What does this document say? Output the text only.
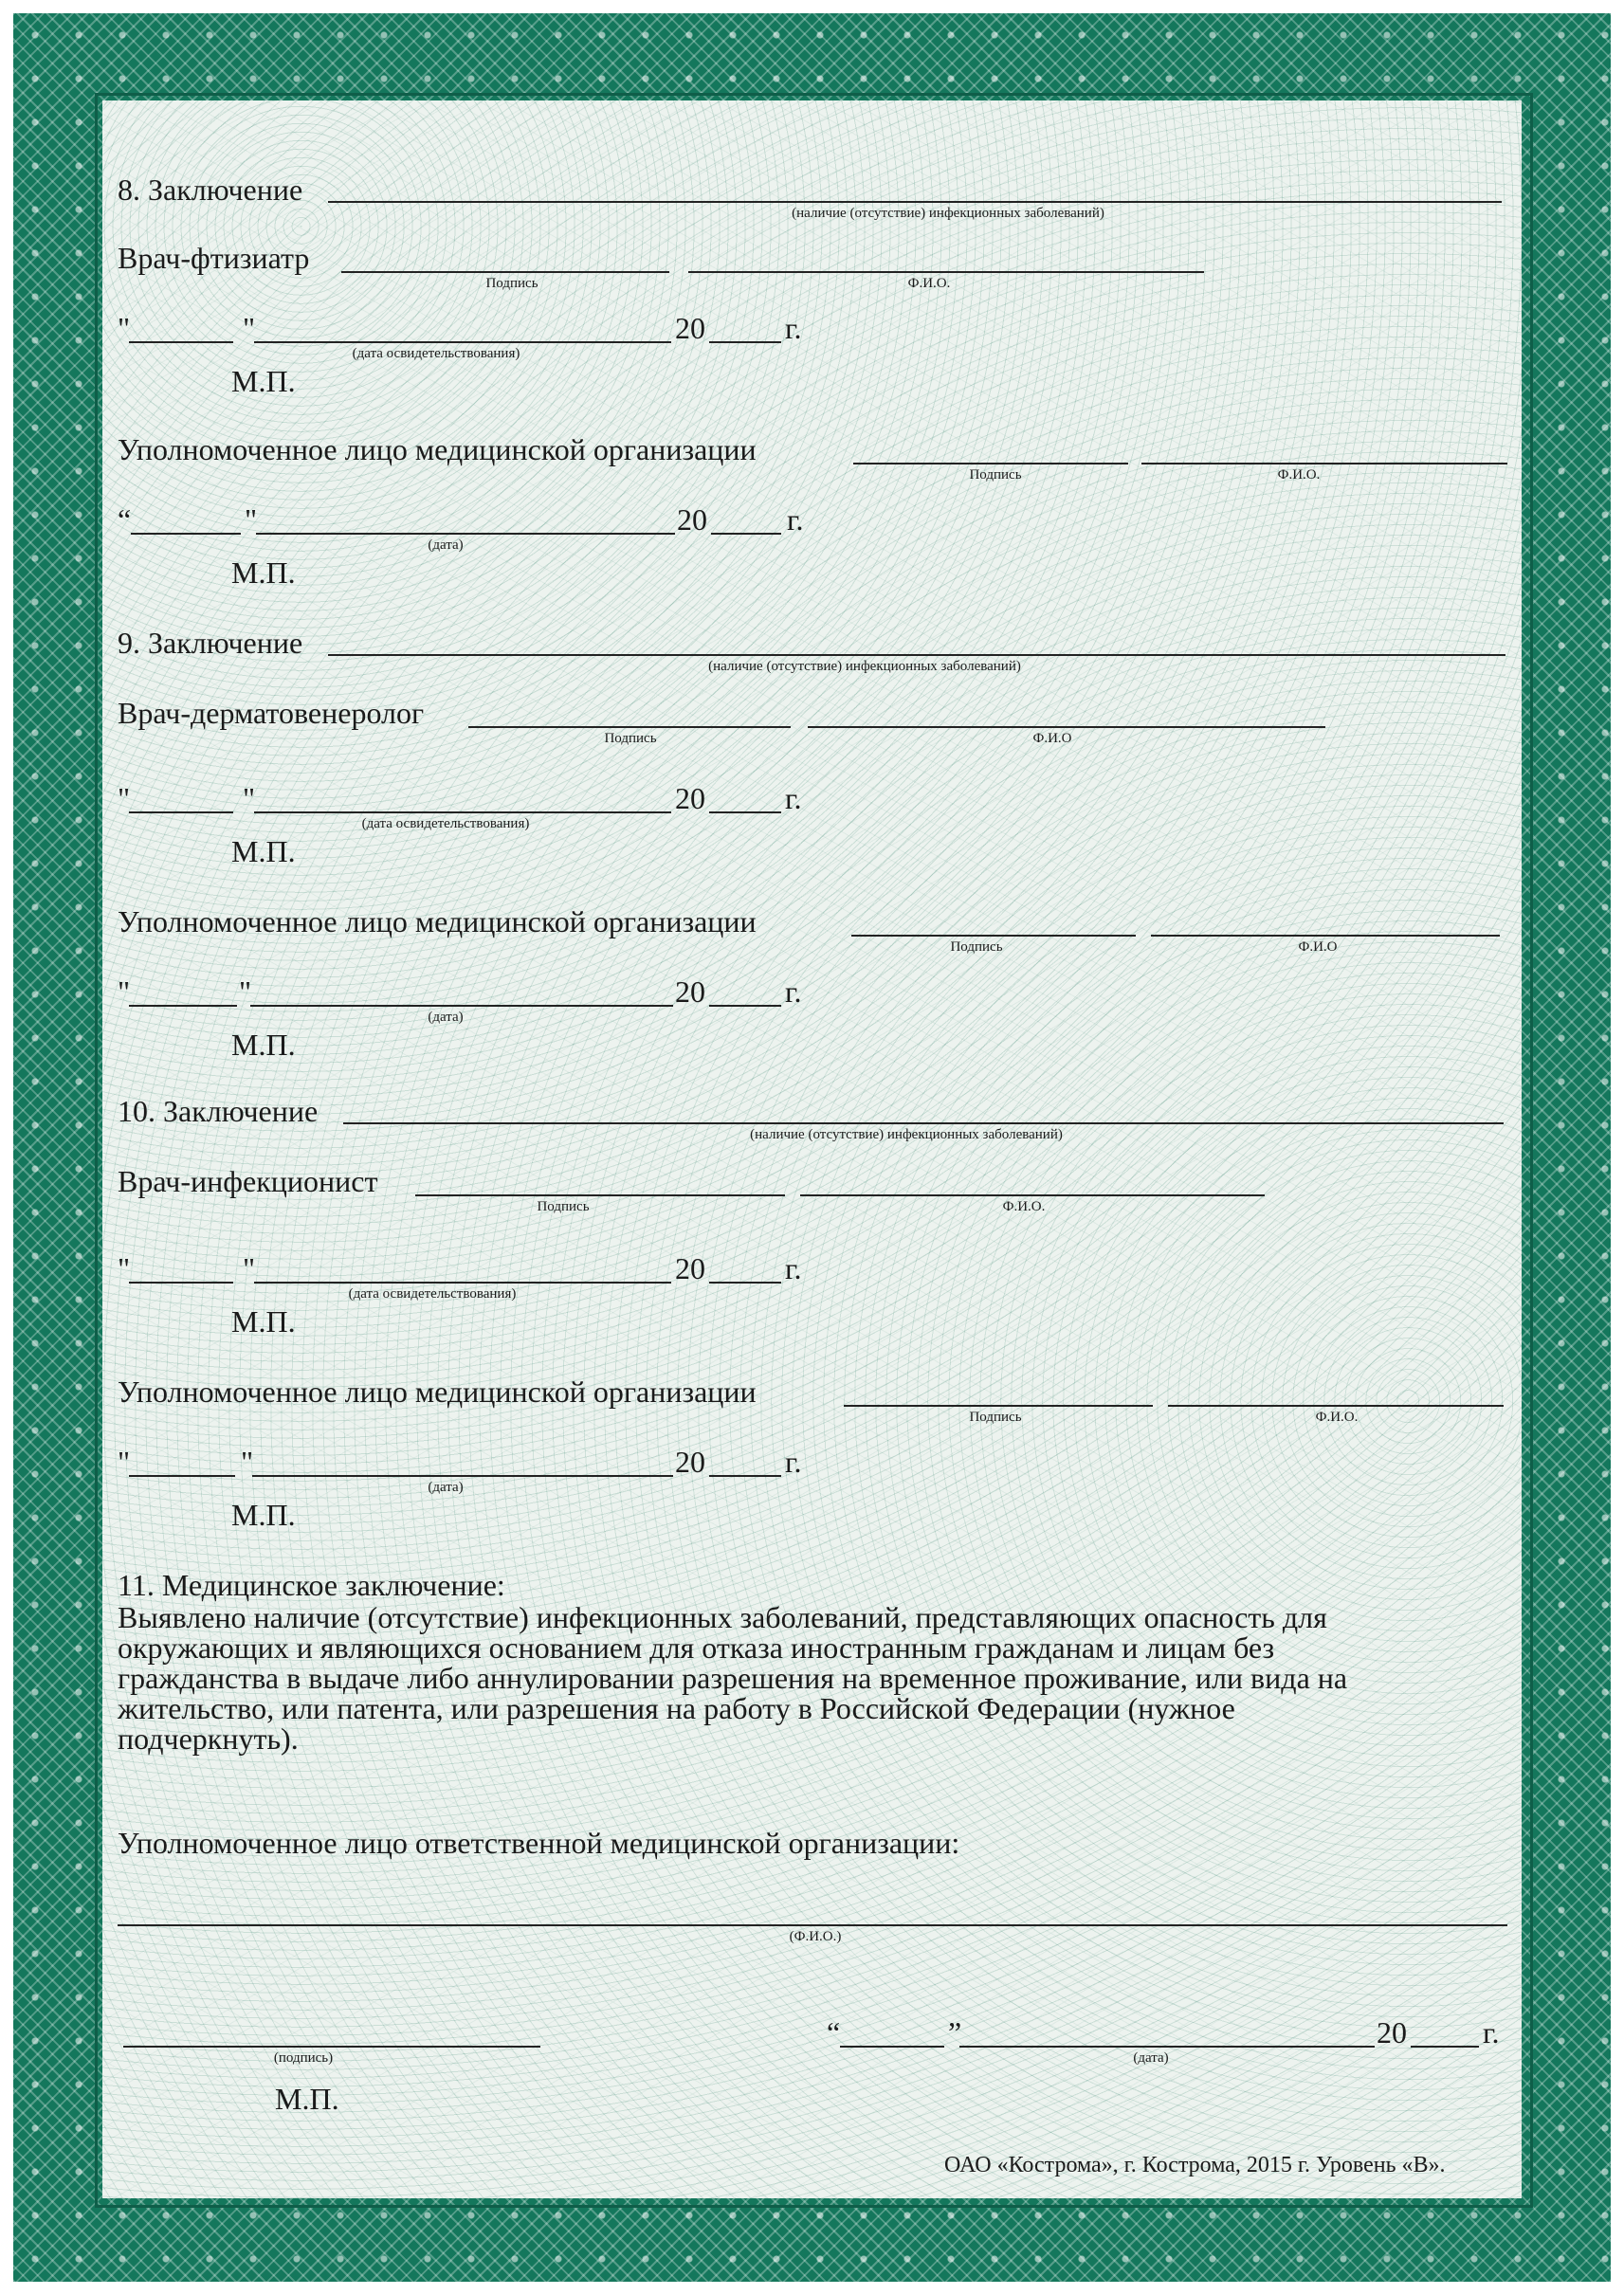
8. Заключение
(наличие (отсутствие) инфекционных заболеваний)
Врач-фтизиатр
Подпись	Ф.И.О.
"	"
(дата освидетельствования)
20	г.
М.П.
Уполномоченное лицо медицинской организации
Подпись	Ф.И.О.
“	"
(дата)
20	г.
М.П.
9. Заключение
(наличие (отсутствие) инфекционных заболеваний)
Врач-дерматовенеролог
Подпись	Ф.И.О
"	"
(дата освидетельствования)
20	г.
М.П.
Уполномоченное лицо медицинской организации
Подпись	Ф.И.О
"	"
(дата)
20	г.
М.П.
10. Заключение
(наличие (отсутствие) инфекционных заболеваний)
Врач-инфекционист
Подпись	Ф.И.О.
"	"
(дата освидетельствования)
20	г.
М.П.
Уполномоченное лицо медицинской организации
Подпись	Ф.И.О.
"	"
(дата)
20	г.
М.П.
11. Медицинское заключение:
Выявлено наличие (отсутствие) инфекционных заболеваний, представляющих опасность для
окружающих и являющихся основанием для отказа иностранным гражданам и лицам без
гражданства в выдаче либо аннулировании разрешения на временное проживание, или вида на
жительство, или патента, или разрешения на работу в Российской Федерации (нужное
подчеркнуть).
Уполномоченное лицо ответственной медицинской организации:
(Ф.И.О.)
(подпись)
“	”
(дата)
20	г.
М.П.
ОАО «Кострома», г. Кострома, 2015 г. Уровень «В».
